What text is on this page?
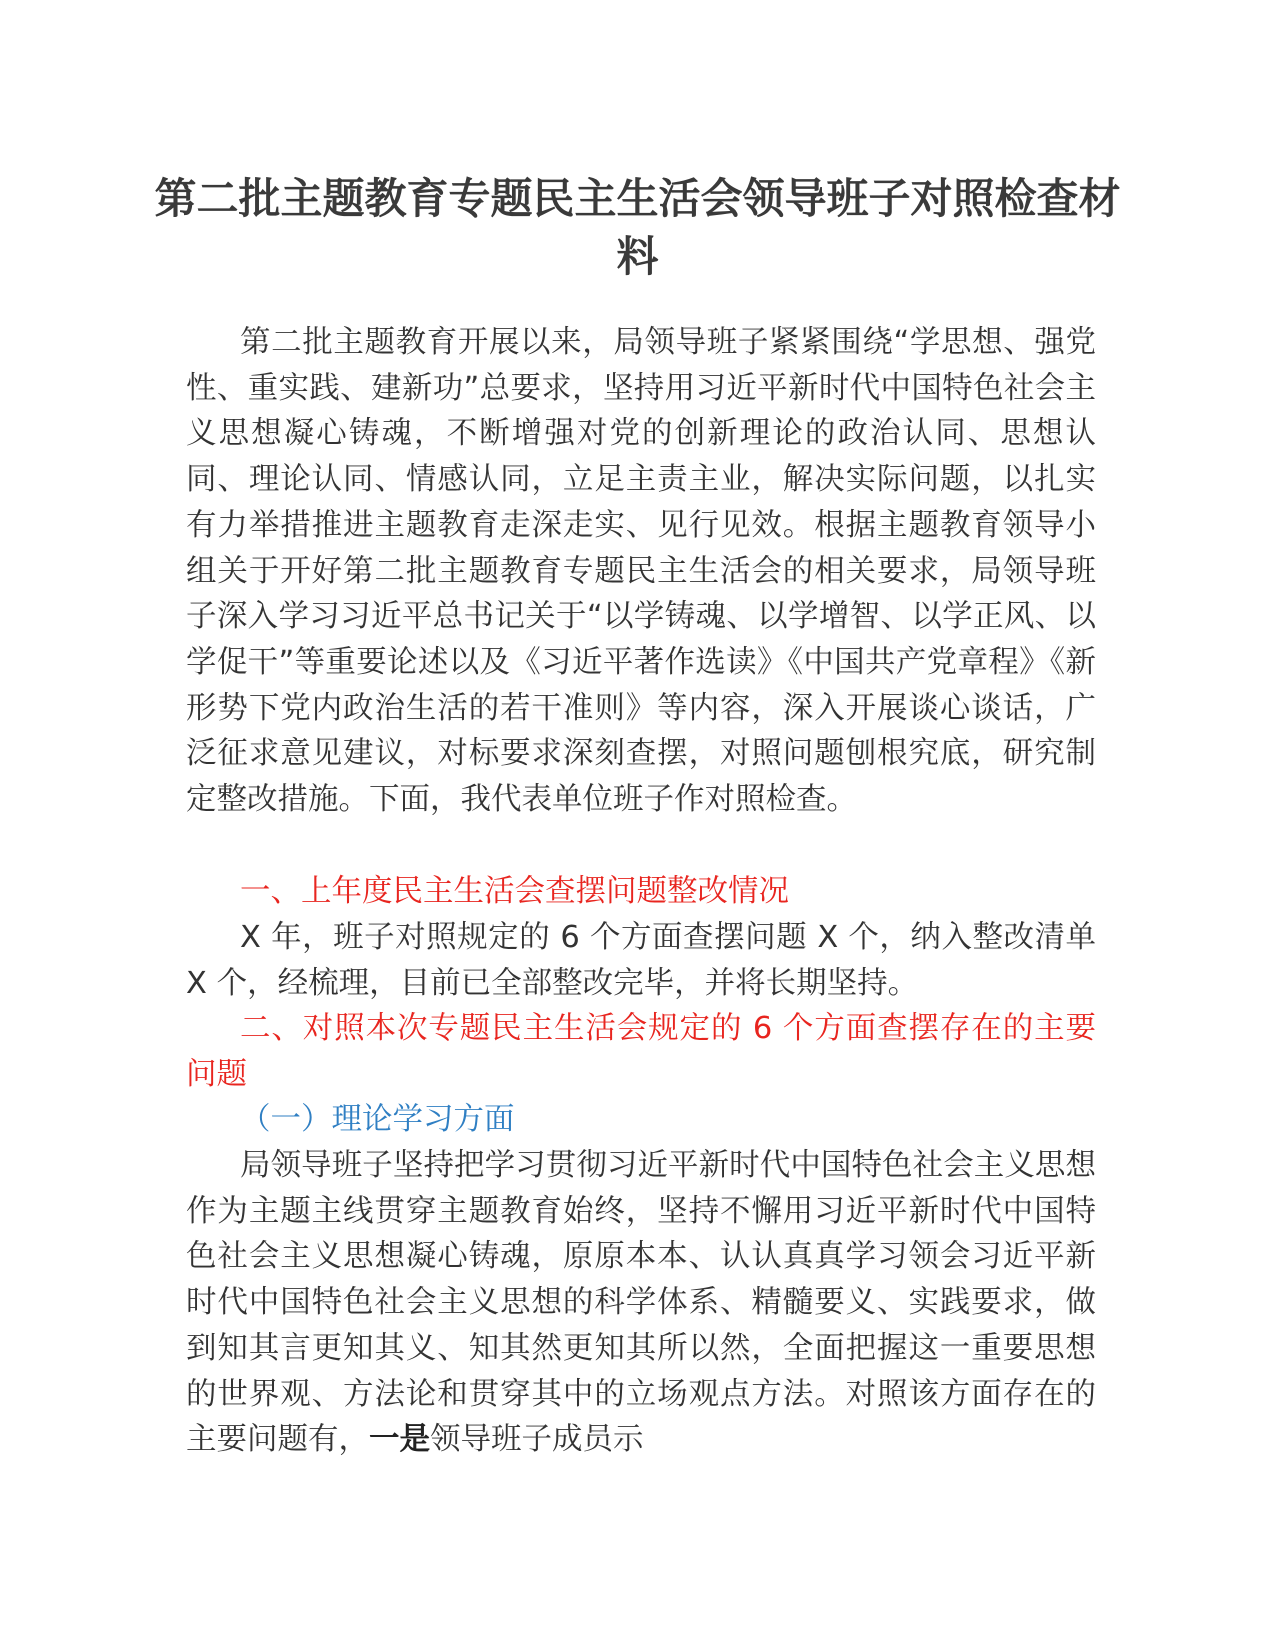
第二批主题教育专题民主生活会领导班子对照检查材料

第二批主题教育开展以来，局领导班子紧紧围绕“学思想、强党性、重实践、建新功”总要求，坚持用习近平新时代中国特色社会主义思想凝心铸魂，不断增强对党的创新理论的政治认同、思想认同、理论认同、情感认同，立足主责主业，解决实际问题，以扎实有力举措推进主题教育走深走实、见行见效。根据主题教育领导小组关于开好第二批主题教育专题民主生活会的相关要求，局领导班子深入学习习近平总书记关于“以学铸魂、以学增智、以学正风、以学促干”等重要论述以及《习近平著作选读》《中国共产党章程》《新形势下党内政治生活的若干准则》等内容，深入开展谈心谈话，广泛征求意见建议，对标要求深刻查摆，对照问题刨根究底，研究制定整改措施。下面，我代表单位班子作对照检查。

一、上年度民主生活会查摆问题整改情况

X 年，班子对照规定的 6 个方面查摆问题 X 个，纳入整改清单 X 个，经梳理，目前已全部整改完毕，并将长期坚持。

二、对照本次专题民主生活会规定的 6 个方面查摆存在的主要问题

（一）理论学习方面

局领导班子坚持把学习贯彻习近平新时代中国特色社会主义思想作为主题主线贯穿主题教育始终，坚持不懈用习近平新时代中国特色社会主义思想凝心铸魂，原原本本、认认真真学习领会习近平新时代中国特色社会主义思想的科学体系、精髓要义、实践要求，做到知其言更知其义、知其然更知其所以然，全面把握这一重要思想的世界观、方法论和贯穿其中的立场观点方法。对照该方面存在的主要问题有，一是领导班子成员示
